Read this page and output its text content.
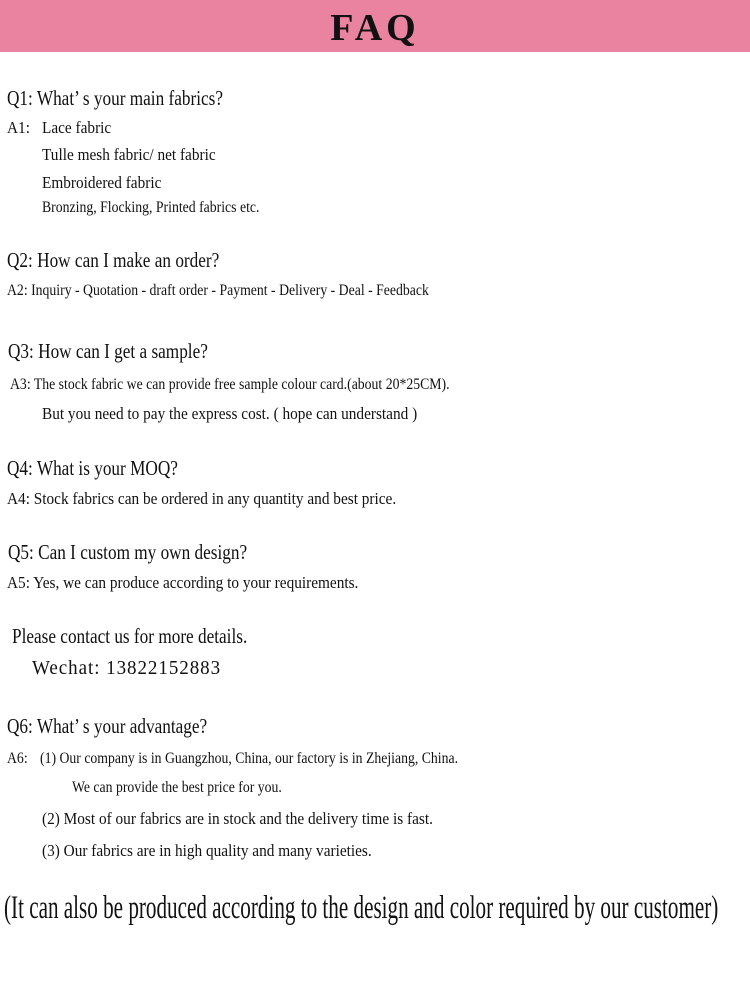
FAQ

Q1: What’ s your main fabrics?

A1: Lace fabric

Tulle mesh fabric/ net fabric

Embroidered fabric

Bronzing, Flocking, Printed fabrics etc.

Q2: How can I make an order?

A2: Inquiry - Quotation - draft order - Payment - Delivery - Deal - Feedback

Q3: How can I get a sample?

A3: The stock fabric we can provide free sample colour card.(about 20*25CM).

But you need to pay the express cost. ( hope can understand )

Q4: What is your MOQ?

A4: Stock fabrics can be ordered in any quantity and best price.

Q5: Can I custom my own design?

A5: Yes, we can produce according to your requirements.

Please contact us for more details.

Wechat: 13822152883

Q6: What’ s your advantage?

A6: (1) Our company is in Guangzhou, China, our factory is in Zhejiang, China.

We can provide the best price for you.

(2) Most of our fabrics are in stock and the delivery time is fast.

(3) Our fabrics are in high quality and many varieties.

(It can also be produced according to the design and color required by our customer)
